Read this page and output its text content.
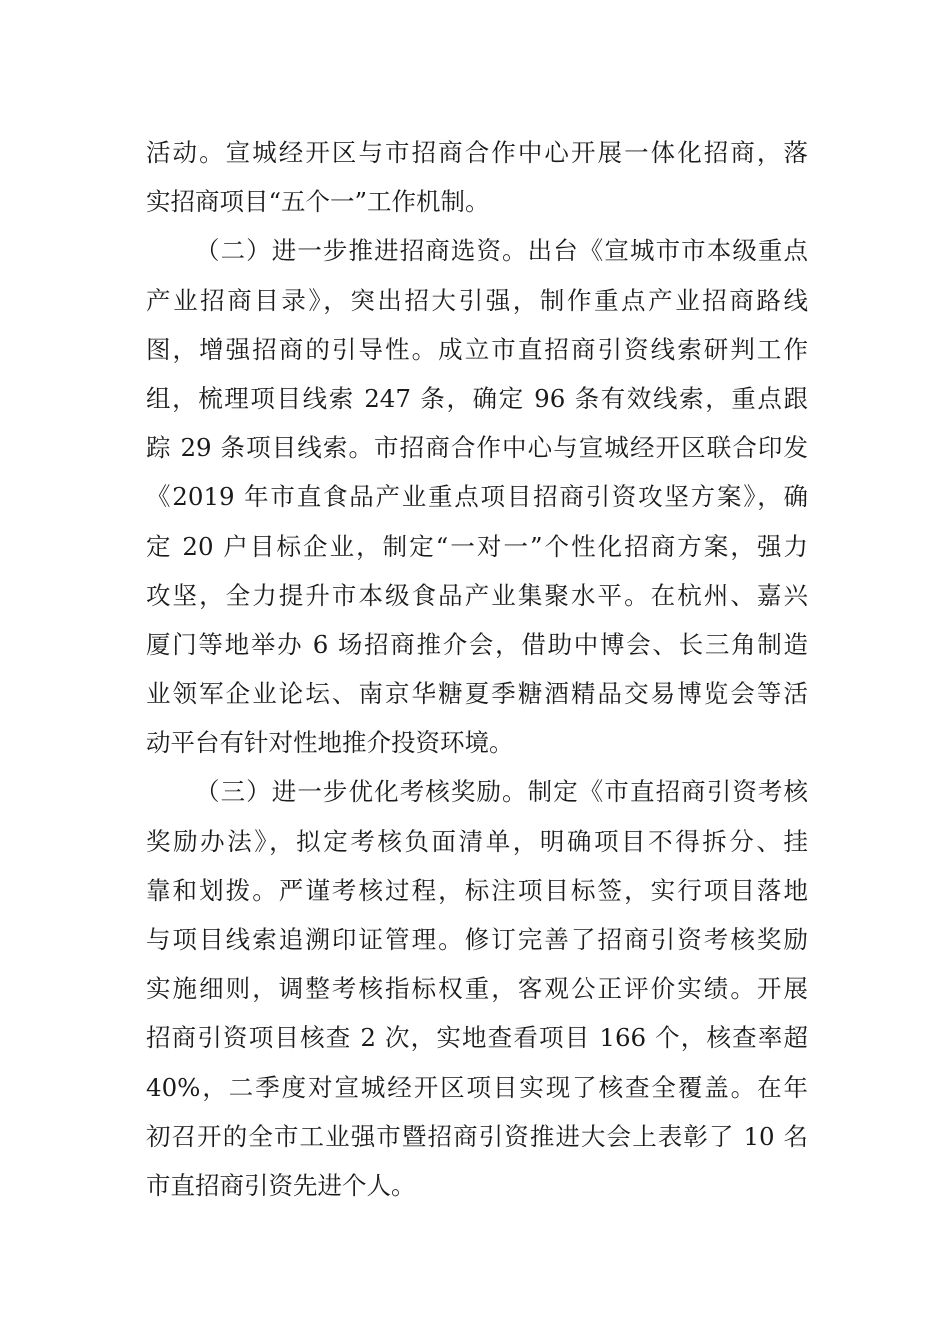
活动。宣城经开区与市招商合作中心开展一体化招商，落
实招商项目“五个一”工作机制。
（二）进一步推进招商选资。出台《宣城市市本级重点
产业招商目录》，突出招大引强，制作重点产业招商路线
图，增强招商的引导性。成立市直招商引资线索研判工作
组，梳理项目线索 247 条，确定 96 条有效线索，重点跟
踪 29 条项目线索。市招商合作中心与宣城经开区联合印发
《2019 年市直食品产业重点项目招商引资攻坚方案》，确
定 20 户目标企业，制定“一对一”个性化招商方案，强力
攻坚，全力提升市本级食品产业集聚水平。在杭州、嘉兴
厦门等地举办 6 场招商推介会，借助中博会、长三角制造
业领军企业论坛、南京华糖夏季糖酒精品交易博览会等活
动平台有针对性地推介投资环境。
（三）进一步优化考核奖励。制定《市直招商引资考核
奖励办法》，拟定考核负面清单，明确项目不得拆分、挂
靠和划拨。严谨考核过程，标注项目标签，实行项目落地
与项目线索追溯印证管理。修订完善了招商引资考核奖励
实施细则，调整考核指标权重，客观公正评价实绩。开展
招商引资项目核查 2 次，实地查看项目 166 个，核查率超
40%，二季度对宣城经开区项目实现了核查全覆盖。在年
初召开的全市工业强市暨招商引资推进大会上表彰了 10 名
市直招商引资先进个人。
